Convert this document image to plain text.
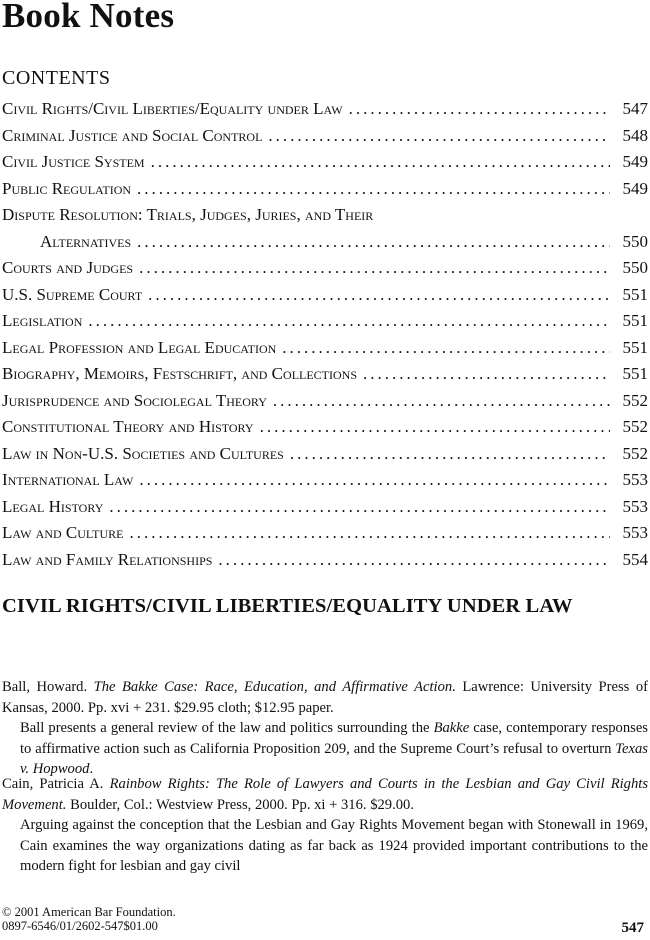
Book Notes
CONTENTS
Civil Rights/Civil Liberties/Equality under Law .....	547
Criminal Justice and Social Control .....	548
Civil Justice System .....	549
Public Regulation .....	549
Dispute Resolution: Trials, Judges, Juries, and Their
Alternatives .....	550
Courts and Judges .....	550
U.S. Supreme Court .....	551
Legislation .....	551
Legal Profession and Legal Education .....	551
Biography, Memoirs, Festschrift, and Collections .....	551
Jurisprudence and Sociolegal Theory .....	552
Constitutional Theory and History .....	552
Law in Non-U.S. Societies and Cultures .....	552
International Law .....	553
Legal History .....	553
Law and Culture .....	553
Law and Family Relationships .....	554
CIVIL RIGHTS/CIVIL LIBERTIES/EQUALITY UNDER LAW
Ball, Howard. The Bakke Case: Race, Education, and Affirmative Action. Lawrence: University Press of Kansas, 2000. Pp. xvi + 231. $29.95 cloth; $12.95 paper.
Ball presents a general review of the law and politics surrounding the Bakke case, contemporary responses to affirmative action such as California Proposition 209, and the Supreme Court’s refusal to overturn Texas v. Hopwood.
Cain, Patricia A. Rainbow Rights: The Role of Lawyers and Courts in the Lesbian and Gay Civil Rights Movement. Boulder, Col.: Westview Press, 2000. Pp. xi + 316. $29.00.
Arguing against the conception that the Lesbian and Gay Rights Movement began with Stonewall in 1969, Cain examines the way organizations dating as far back as 1924 provided important contributions to the modern fight for lesbian and gay civil
© 2001 American Bar Foundation.
0897-6546/01/2602-547$01.00	547
